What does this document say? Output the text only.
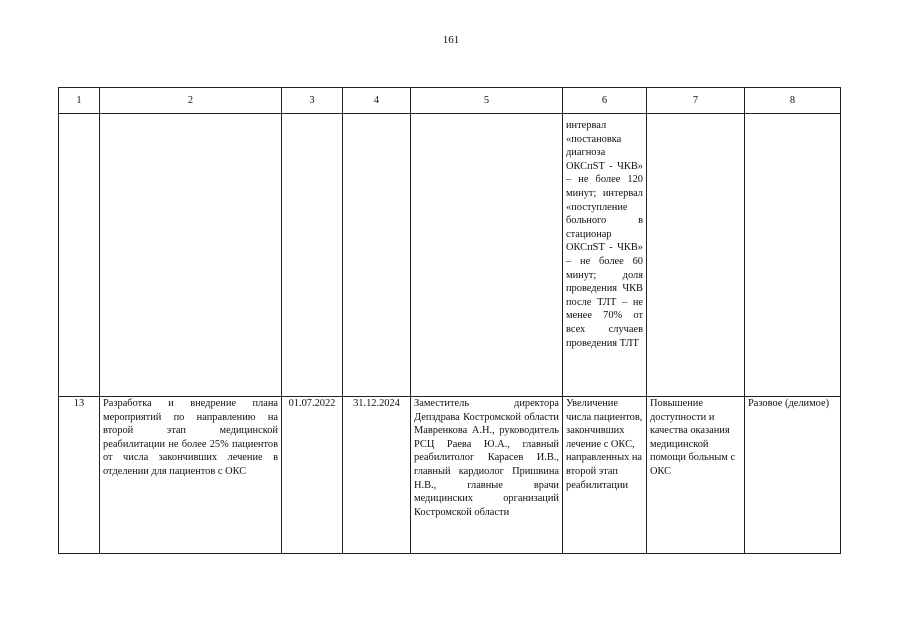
161
1	2	3	4	5	6	7	8
					интервал «постановка диагноза ОКСпST - ЧКВ» – не более 120 минут; интервал «поступление больного в стационар ОКСпST - ЧКВ» – не более 60 минут; доля проведения ЧКВ после ТЛТ – не менее 70% от всех случаев проведения ТЛТ		
13	Разработка и внедрение плана мероприятий по направлению на второй этап медицинской реабилитации не более 25% пациентов от числа закончивших лечение в отделении для пациентов с ОКС	01.07.2022	31.12.2024	Заместитель директора Депздрава Костромской области Мавренкова А.Н., руководитель РСЦ Раева Ю.А., главный реабилитолог Карасев И.В., главный кардиолог Пришвина Н.В., главные врачи медицинских организаций Костромской области	Увеличение числа пациентов, закончивших лечение с ОКС, направленных на второй этап реабилитации	Повышение доступности и качества оказания медицинской помощи больным с ОКС	Разовое (делимое)
